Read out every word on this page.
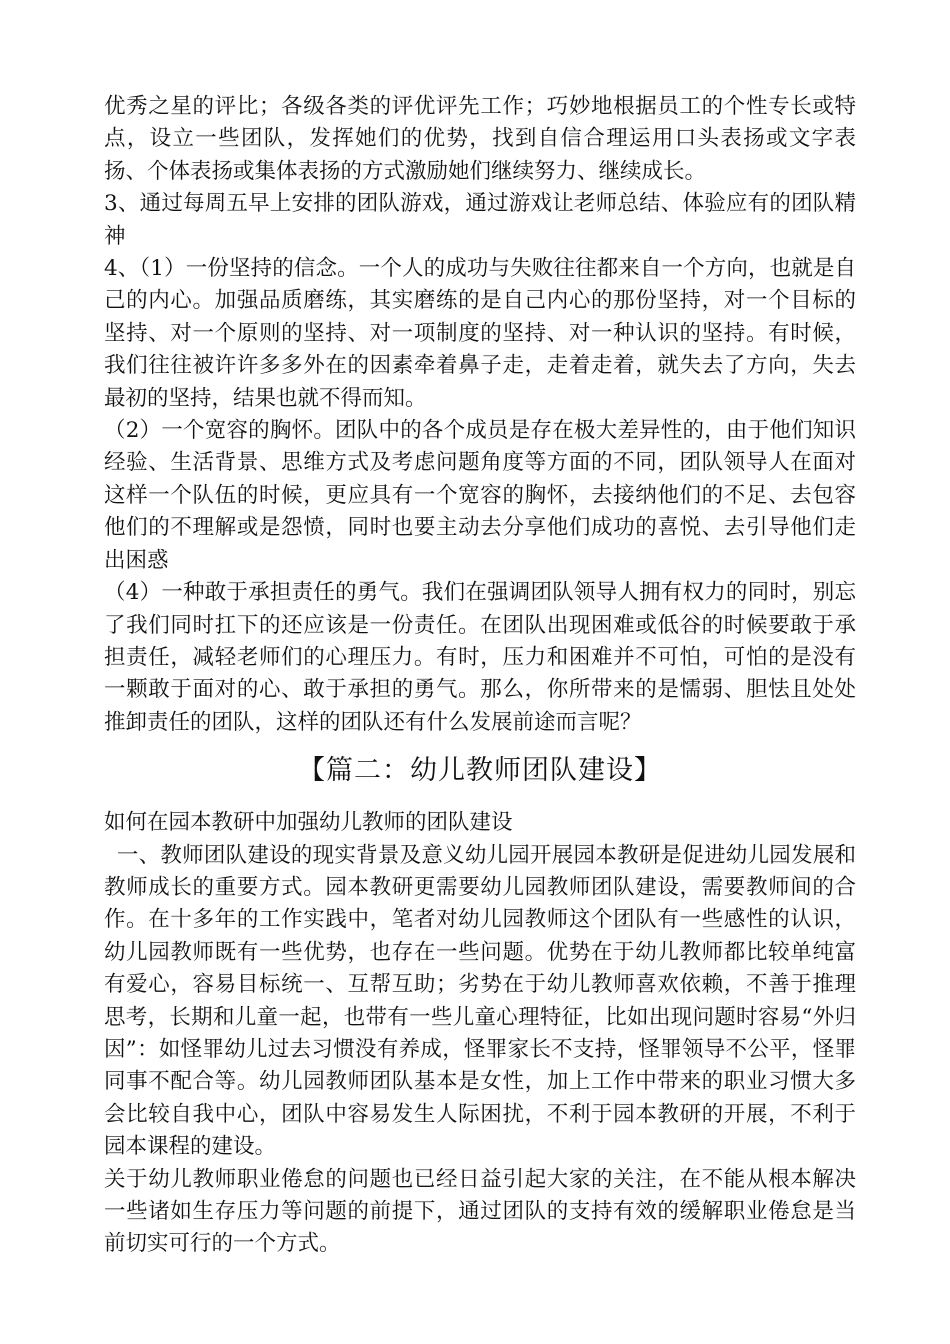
优秀之星的评比；各级各类的评优评先工作；巧妙地根据员工的个性专长或特点，设立一些团队，发挥她们的优势，找到自信合理运用口头表扬或文字表扬、个体表扬或集体表扬的方式激励她们继续努力、继续成长。

3、通过每周五早上安排的团队游戏，通过游戏让老师总结、体验应有的团队精神

4、（1）一份坚持的信念。一个人的成功与失败往往都来自一个方向，也就是自己的内心。加强品质磨练，其实磨练的是自己内心的那份坚持，对一个目标的坚持、对一个原则的坚持、对一项制度的坚持、对一种认识的坚持。有时候，我们往往被许许多多外在的因素牵着鼻子走，走着走着，就失去了方向，失去最初的坚持，结果也就不得而知。

（2）一个宽容的胸怀。团队中的各个成员是存在极大差异性的，由于他们知识经验、生活背景、思维方式及考虑问题角度等方面的不同，团队领导人在面对这样一个队伍的时候，更应具有一个宽容的胸怀，去接纳他们的不足、去包容他们的不理解或是怨愤，同时也要主动去分享他们成功的喜悦、去引导他们走出困惑

（4）一种敢于承担责任的勇气。我们在强调团队领导人拥有权力的同时，别忘了我们同时扛下的还应该是一份责任。在团队出现困难或低谷的时候要敢于承担责任，减轻老师们的心理压力。有时，压力和困难并不可怕，可怕的是没有一颗敢于面对的心、敢于承担的勇气。那么，你所带来的是懦弱、胆怯且处处推卸责任的团队，这样的团队还有什么发展前途而言呢？

【篇二：幼儿教师团队建设】

如何在园本教研中加强幼儿教师的团队建设

一、教师团队建设的现实背景及意义幼儿园开展园本教研是促进幼儿园发展和教师成长的重要方式。园本教研更需要幼儿园教师团队建设，需要教师间的合作。在十多年的工作实践中，笔者对幼儿园教师这个团队有一些感性的认识，幼儿园教师既有一些优势，也存在一些问题。优势在于幼儿教师都比较单纯富有爱心，容易目标统一、互帮互助；劣势在于幼儿教师喜欢依赖，不善于推理思考，长期和儿童一起，也带有一些儿童心理特征，比如出现问题时容易“外归因”：如怪罪幼儿过去习惯没有养成，怪罪家长不支持，怪罪领导不公平，怪罪同事不配合等。幼儿园教师团队基本是女性，加上工作中带来的职业习惯大多会比较自我中心，团队中容易发生人际困扰，不利于园本教研的开展，不利于园本课程的建设。

关于幼儿教师职业倦怠的问题也已经日益引起大家的关注，在不能从根本解决一些诸如生存压力等问题的前提下，通过团队的支持有效的缓解职业倦怠是当前切实可行的一个方式。
